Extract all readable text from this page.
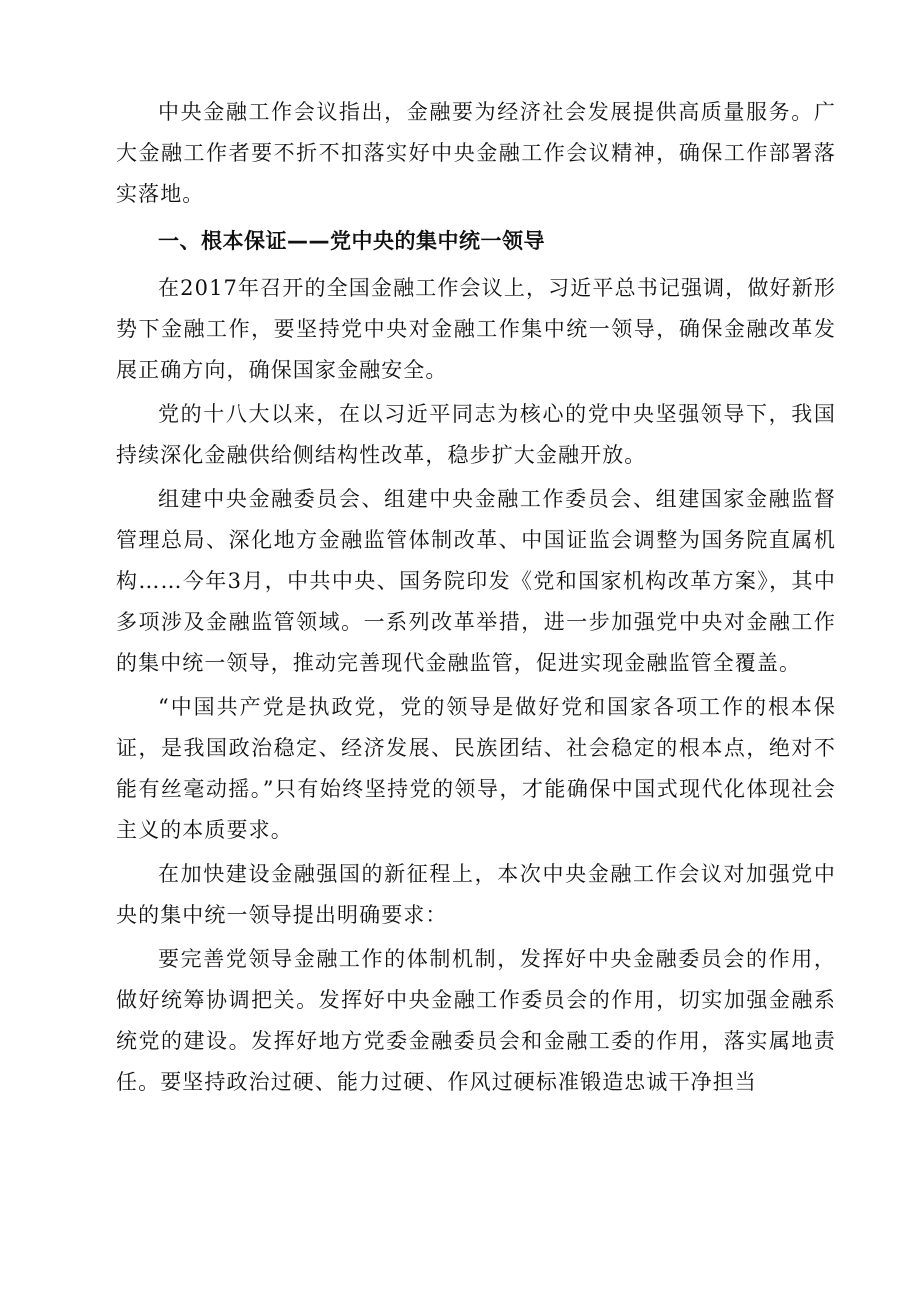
中央金融工作会议指出，金融要为经济社会发展提供高质量服务。广大金融工作者要不折不扣落实好中央金融工作会议精神，确保工作部署落实落地。

一、根本保证——党中央的集中统一领导

在2017年召开的全国金融工作会议上，习近平总书记强调，做好新形势下金融工作，要坚持党中央对金融工作集中统一领导，确保金融改革发展正确方向，确保国家金融安全。

党的十八大以来，在以习近平同志为核心的党中央坚强领导下，我国持续深化金融供给侧结构性改革，稳步扩大金融开放。

组建中央金融委员会、组建中央金融工作委员会、组建国家金融监督管理总局、深化地方金融监管体制改革、中国证监会调整为国务院直属机构……今年3月，中共中央、国务院印发《党和国家机构改革方案》，其中多项涉及金融监管领域。一系列改革举措，进一步加强党中央对金融工作的集中统一领导，推动完善现代金融监管，促进实现金融监管全覆盖。

“中国共产党是执政党，党的领导是做好党和国家各项工作的根本保证，是我国政治稳定、经济发展、民族团结、社会稳定的根本点，绝对不能有丝毫动摇。”只有始终坚持党的领导，才能确保中国式现代化体现社会主义的本质要求。

在加快建设金融强国的新征程上，本次中央金融工作会议对加强党中央的集中统一领导提出明确要求：

要完善党领导金融工作的体制机制，发挥好中央金融委员会的作用，做好统筹协调把关。发挥好中央金融工作委员会的作用，切实加强金融系统党的建设。发挥好地方党委金融委员会和金融工委的作用，落实属地责任。要坚持政治过硬、能力过硬、作风过硬标准锻造忠诚干净担当
